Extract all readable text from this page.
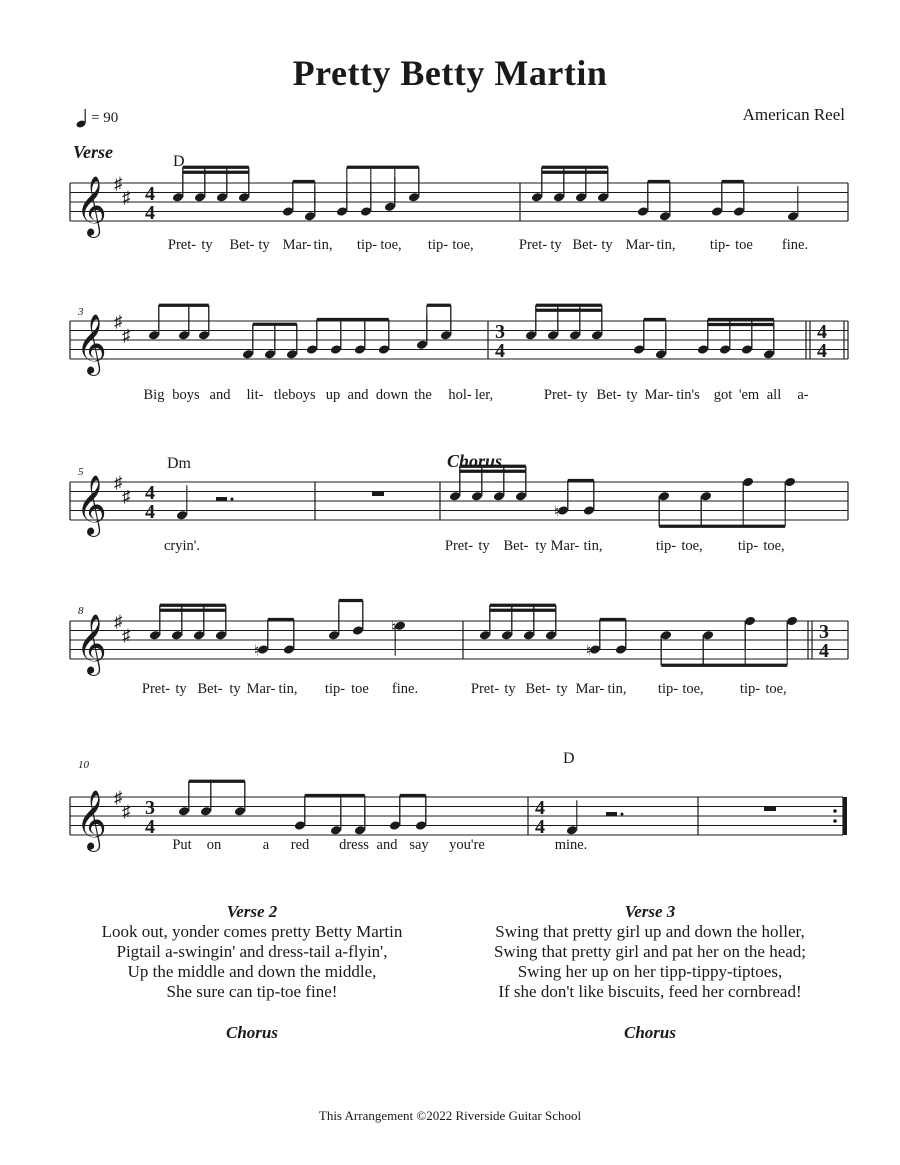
Pretty Betty Martin
= 90	American Reel
𝄞 ♯
♯
𝄞 ♯
♯
𝄞 ♯
♯
𝄞 ♯
♯
𝄞 ♯
♯
4
4
3
4
4
4
4
4
3
4
3
4
4
4
Verse
Chorus
D
Dm
D
3
5
8
10
♮
♮
♮
♮
Pret- ty Bet- ty Mar- tin, tip- toe, tip- toe,	Pret- ty Bet- ty Mar- tin, tip- toe fine.
Big boys and lit- tle boys up and down the hol- ler,	Pret- ty Bet- ty Mar- tin's got 'em all a-
cryin'.	Pret- ty Bet- ty Mar- tin,	tip- toe, tip- toe,
Pret- ty Bet- ty Mar- tin, tip- toe fine.	Pret- ty Bet- ty Mar- tin, tip- toe,	tip- toe,
Put on	a red dress and say you're	mine.
Verse 2
Look out, yonder comes pretty Betty Martin
Pigtail a-swingin' and dress-tail a-flyin',
Up the middle and down the middle,
She sure can tip-toe fine!
Chorus
Verse 3
Swing that pretty girl up and down the holler,
Swing that pretty girl and pat her on the head;
Swing her up on her tipp-tippy-tiptoes,
If she don't like biscuits, feed her cornbread!
Chorus
This Arrangement ©2022 Riverside Guitar School
